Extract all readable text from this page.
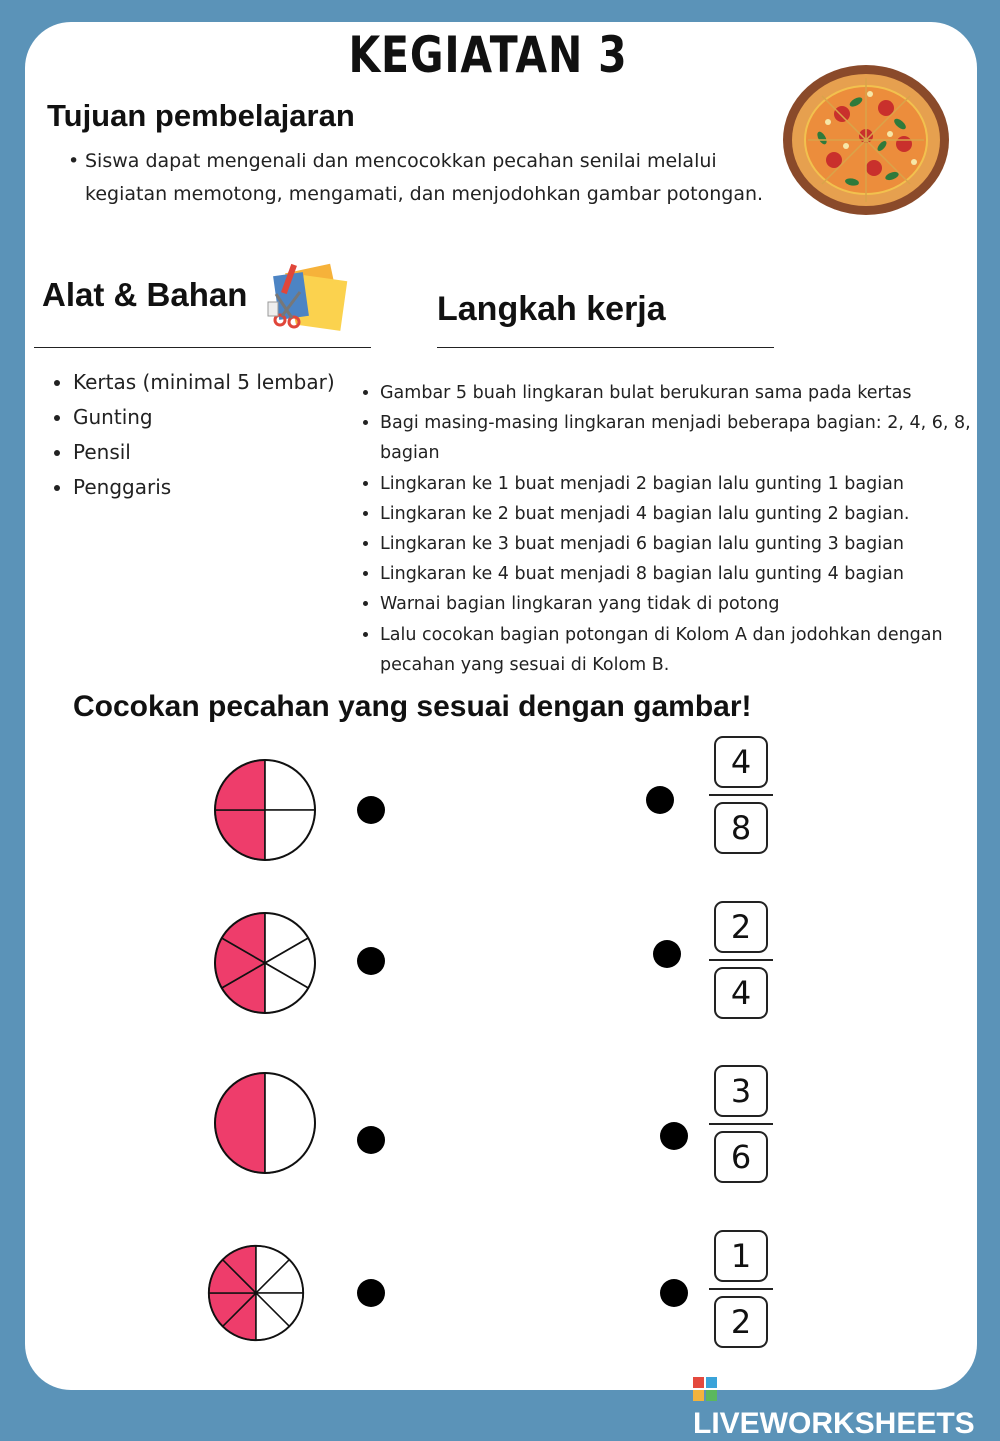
KEGIATAN 3
Tujuan pembelajaran
• Siswa dapat mengenali dan mencocokkan pecahan senilai melalui kegiatan memotong, mengamati, dan menjodohkan gambar potongan.
Alat & Bahan
• Kertas (minimal 5 lembar)
• Gunting
• Pensil
• Penggaris
Langkah kerja
• Gambar 5 buah lingkaran bulat berukuran sama pada kertas
• Bagi masing-masing lingkaran menjadi beberapa bagian: 2, 4, 6, 8, bagian
• Lingkaran ke 1 buat menjadi 2 bagian lalu gunting 1 bagian
• Lingkaran ke 2 buat menjadi 4 bagian lalu gunting 2 bagian.
• Lingkaran ke 3 buat menjadi 6 bagian lalu gunting 3 bagian
• Lingkaran ke 4 buat menjadi 8 bagian lalu gunting 4 bagian
• Warnai bagian lingkaran yang tidak di potong
• Lalu cocokan bagian potongan di Kolom A dan jodohkan dengan pecahan yang sesuai di Kolom B.
Cocokan pecahan yang sesuai dengan gambar!
$\frac{4}{8}$
$\frac{2}{4}$
$\frac{3}{6}$
$\frac{1}{2}$
LIVEWORKSHEETS
